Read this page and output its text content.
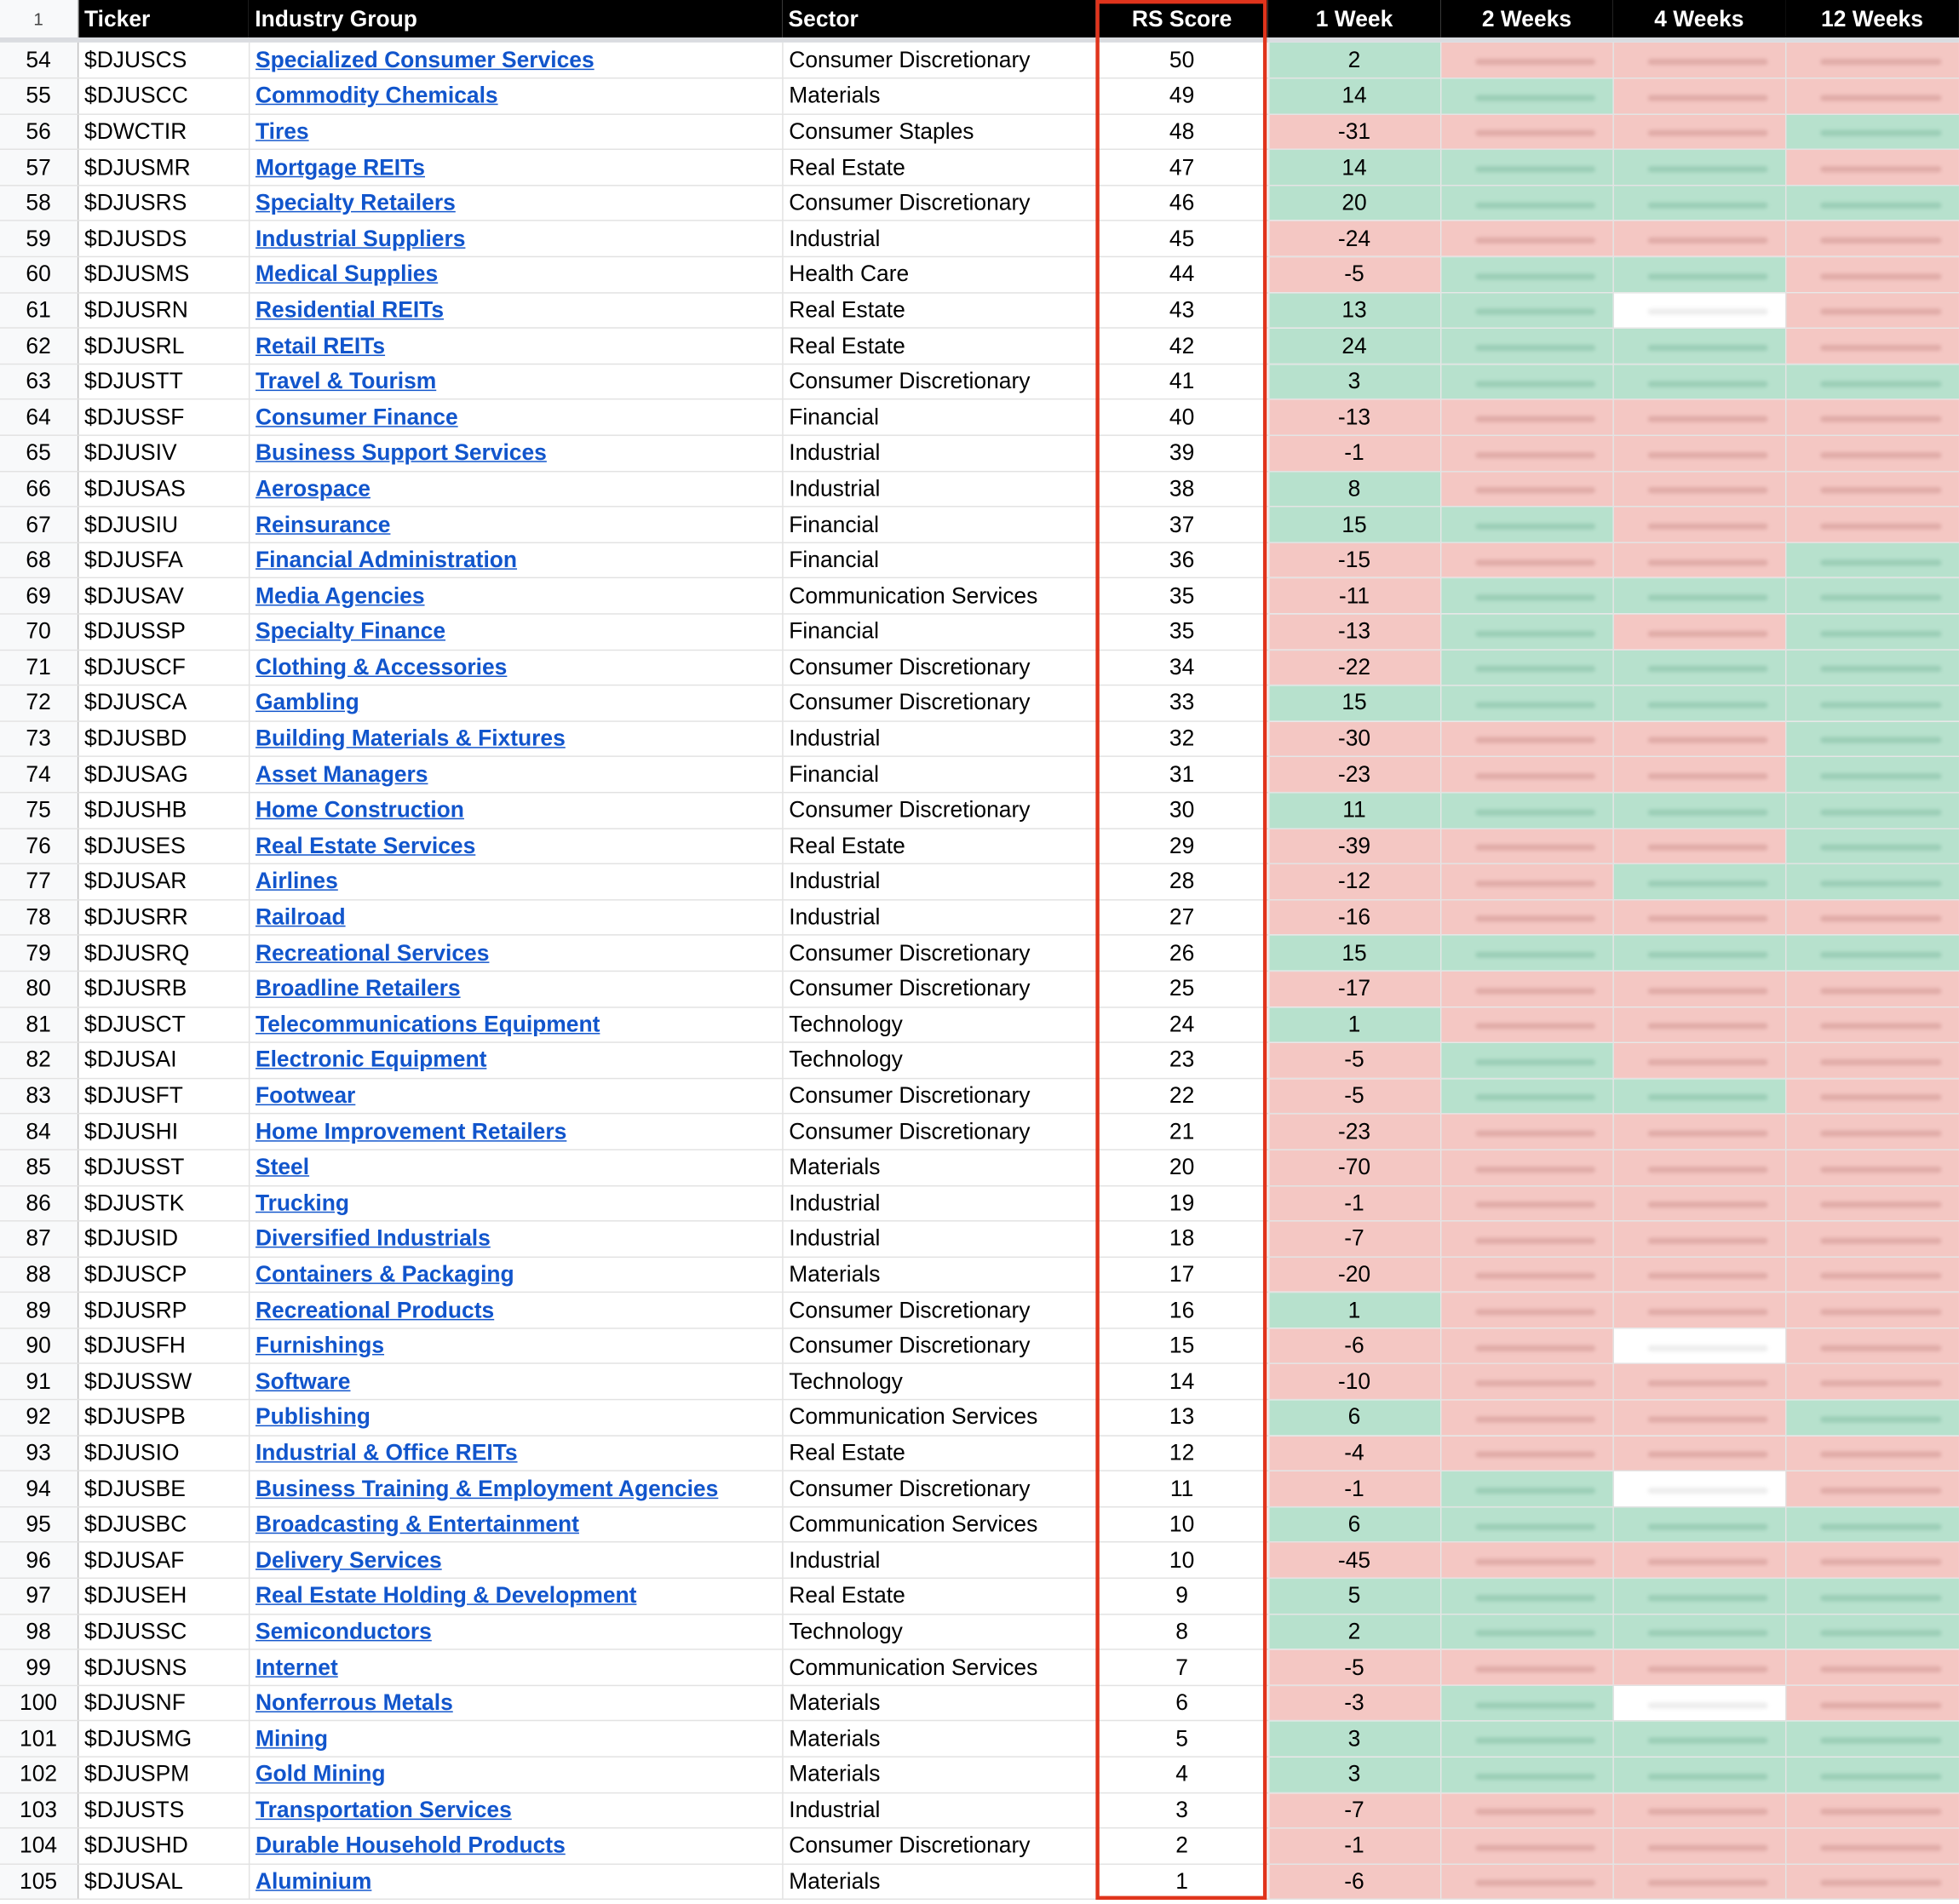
1	Ticker	Industry Group	Sector	RS Score	1 Week	2 Weeks	4 Weeks	12 Weeks

54	$DJUSCS	Specialized Consumer Services	Consumer Discretionary	50	2	

55	$DJUSCC	Commodity Chemicals	Materials	49	14	

56	$DWCTIR	Tires	Consumer Staples	48	-31	

57	$DJUSMR	Mortgage REITs	Real Estate	47	14	

58	$DJUSRS	Specialty Retailers	Consumer Discretionary	46	20	

59	$DJUSDS	Industrial Suppliers	Industrial	45	-24	

60	$DJUSMS	Medical Supplies	Health Care	44	-5	

61	$DJUSRN	Residential REITs	Real Estate	43	13	

62	$DJUSRL	Retail REITs	Real Estate	42	24	

63	$DJUSTT	Travel & Tourism	Consumer Discretionary	41	3	

64	$DJUSSF	Consumer Finance	Financial	40	-13	

65	$DJUSIV	Business Support Services	Industrial	39	-1	

66	$DJUSAS	Aerospace	Industrial	38	8	

67	$DJUSIU	Reinsurance	Financial	37	15	

68	$DJUSFA	Financial Administration	Financial	36	-15	

69	$DJUSAV	Media Agencies	Communication Services	35	-11	

70	$DJUSSP	Specialty Finance	Financial	35	-13	

71	$DJUSCF	Clothing & Accessories	Consumer Discretionary	34	-22	

72	$DJUSCA	Gambling	Consumer Discretionary	33	15	

73	$DJUSBD	Building Materials & Fixtures	Industrial	32	-30	

74	$DJUSAG	Asset Managers	Financial	31	-23	

75	$DJUSHB	Home Construction	Consumer Discretionary	30	11	

76	$DJUSES	Real Estate Services	Real Estate	29	-39	

77	$DJUSAR	Airlines	Industrial	28	-12	

78	$DJUSRR	Railroad	Industrial	27	-16	

79	$DJUSRQ	Recreational Services	Consumer Discretionary	26	15	

80	$DJUSRB	Broadline Retailers	Consumer Discretionary	25	-17	

81	$DJUSCT	Telecommunications Equipment	Technology	24	1	

82	$DJUSAI	Electronic Equipment	Technology	23	-5	

83	$DJUSFT	Footwear	Consumer Discretionary	22	-5	

84	$DJUSHI	Home Improvement Retailers	Consumer Discretionary	21	-23	

85	$DJUSST	Steel	Materials	20	-70	

86	$DJUSTK	Trucking	Industrial	19	-1	

87	$DJUSID	Diversified Industrials	Industrial	18	-7	

88	$DJUSCP	Containers & Packaging	Materials	17	-20	

89	$DJUSRP	Recreational Products	Consumer Discretionary	16	1	

90	$DJUSFH	Furnishings	Consumer Discretionary	15	-6	

91	$DJUSSW	Software	Technology	14	-10	

92	$DJUSPB	Publishing	Communication Services	13	6	

93	$DJUSIO	Industrial & Office REITs	Real Estate	12	-4	

94	$DJUSBE	Business Training & Employment Agencies	Consumer Discretionary	11	-1	

95	$DJUSBC	Broadcasting & Entertainment	Communication Services	10	6	

96	$DJUSAF	Delivery Services	Industrial	10	-45	

97	$DJUSEH	Real Estate Holding & Development	Real Estate	9	5	

98	$DJUSSC	Semiconductors	Technology	8	2	

99	$DJUSNS	Internet	Communication Services	7	-5	

100	$DJUSNF	Nonferrous Metals	Materials	6	-3	

101	$DJUSMG	Mining	Materials	5	3	

102	$DJUSPM	Gold Mining	Materials	4	3	

103	$DJUSTS	Transportation Services	Industrial	3	-7	

104	$DJUSHD	Durable Household Products	Consumer Discretionary	2	-1	

105	$DJUSAL	Aluminium	Materials	1	-6	
